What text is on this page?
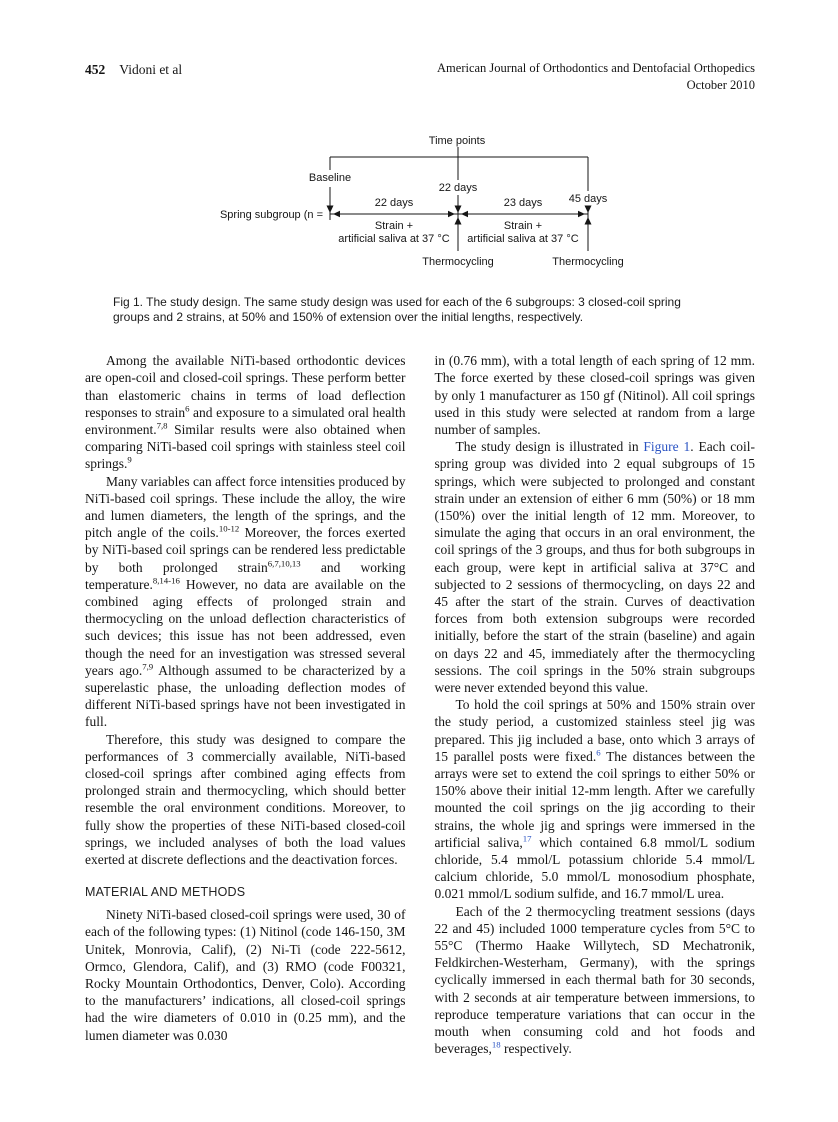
452 Vidoni et al	American Journal of Orthodontics and Dentofacial Orthopedics
October 2010
Time points
Baseline
22 days
45 days
Spring subgroup (n =
22 days	23 days
Strain +
artificial saliva at 37 °C
Strain +
artificial saliva at 37 °C
Thermocycling	Thermocycling
Fig 1. The study design. The same study design was used for each of the 6 subgroups: 3 closed-coil spring groups and 2 strains, at 50% and 150% of extension over the initial lengths, respectively.

Among the available NiTi-based orthodontic devices are open-coil and closed-coil springs. These perform better than elastomeric chains in terms of load deflection responses to strain$^6$ and exposure to a simulated oral health environment.$^{7,8}$ Similar results were also obtained when comparing NiTi-based coil springs with stainless steel coil springs.$^9$

Many variables can affect force intensities produced by NiTi-based coil springs. These include the alloy, the wire and lumen diameters, the length of the springs, and the pitch angle of the coils.$^{10-12}$ Moreover, the forces exerted by NiTi-based coil springs can be rendered less predictable by both prolonged strain$^{6,7,10,13}$ and working temperature.$^{8,14-16}$ However, no data are available on the combined aging effects of prolonged strain and thermocycling on the unload deflection characteristics of such devices; this issue has not been addressed, even though the need for an investigation was stressed several years ago.$^{7,9}$ Although assumed to be characterized by a superelastic phase, the unloading deflection modes of different NiTi-based springs have not been investigated in full.

Therefore, this study was designed to compare the performances of 3 commercially available, NiTi-based closed-coil springs after combined aging effects from prolonged strain and thermocycling, which should better resemble the oral environment conditions. Moreover, to fully show the properties of these NiTi-based closed-coil springs, we included analyses of both the load values exerted at discrete deflections and the deactivation forces.

MATERIAL AND METHODS

Ninety NiTi-based closed-coil springs were used, 30 of each of the following types: (1) Nitinol (code 146-150, 3M Unitek, Monrovia, Calif), (2) Ni-Ti (code 222-5612, Ormco, Glendora, Calif), and (3) RMO (code F00321, Rocky Mountain Orthodontics, Denver, Colo). According to the manufacturers’ indications, all closed-coil springs had the wire diameters of 0.010 in (0.25 mm), and the lumen diameter was 0.030

in (0.76 mm), with a total length of each spring of 12 mm. The force exerted by these closed-coil springs was given by only 1 manufacturer as 150 gf (Nitinol). All coil springs used in this study were selected at random from a large number of samples.

The study design is illustrated in Figure 1. Each coil-spring group was divided into 2 equal subgroups of 15 springs, which were subjected to prolonged and constant strain under an extension of either 6 mm (50%) or 18 mm (150%) over the initial length of 12 mm. Moreover, to simulate the aging that occurs in an oral environment, the coil springs of the 3 groups, and thus for both subgroups in each group, were kept in artificial saliva at 37°C and subjected to 2 sessions of thermocycling, on days 22 and 45 after the start of the strain. Curves of deactivation forces from both extension subgroups were recorded initially, before the start of the strain (baseline) and again on days 22 and 45, immediately after the thermocycling sessions. The coil springs in the 50% strain subgroups were never extended beyond this value.

To hold the coil springs at 50% and 150% strain over the study period, a customized stainless steel jig was prepared. This jig included a base, onto which 3 arrays of 15 parallel posts were fixed.$^6$ The distances between the arrays were set to extend the coil springs to either 50% or 150% above their initial 12-mm length. After we carefully mounted the coil springs on the jig according to their strains, the whole jig and springs were immersed in the artificial saliva,$^{17}$ which contained 6.8 mmol/L sodium chloride, 5.4 mmol/L potassium chloride 5.4 mmol/L calcium chloride, 5.0 mmol/L monosodium phosphate, 0.021 mmol/L sodium sulfide, and 16.7 mmol/L urea.

Each of the 2 thermocycling treatment sessions (days 22 and 45) included 1000 temperature cycles from 5°C to 55°C (Thermo Haake Willytech, SD Mechatronik, Feldkirchen-Westerham, Germany), with the springs cyclically immersed in each thermal bath for 30 seconds, with 2 seconds at air temperature between immersions, to reproduce temperature variations that can occur in the mouth when consuming cold and hot foods and beverages,$^{18}$ respectively.
